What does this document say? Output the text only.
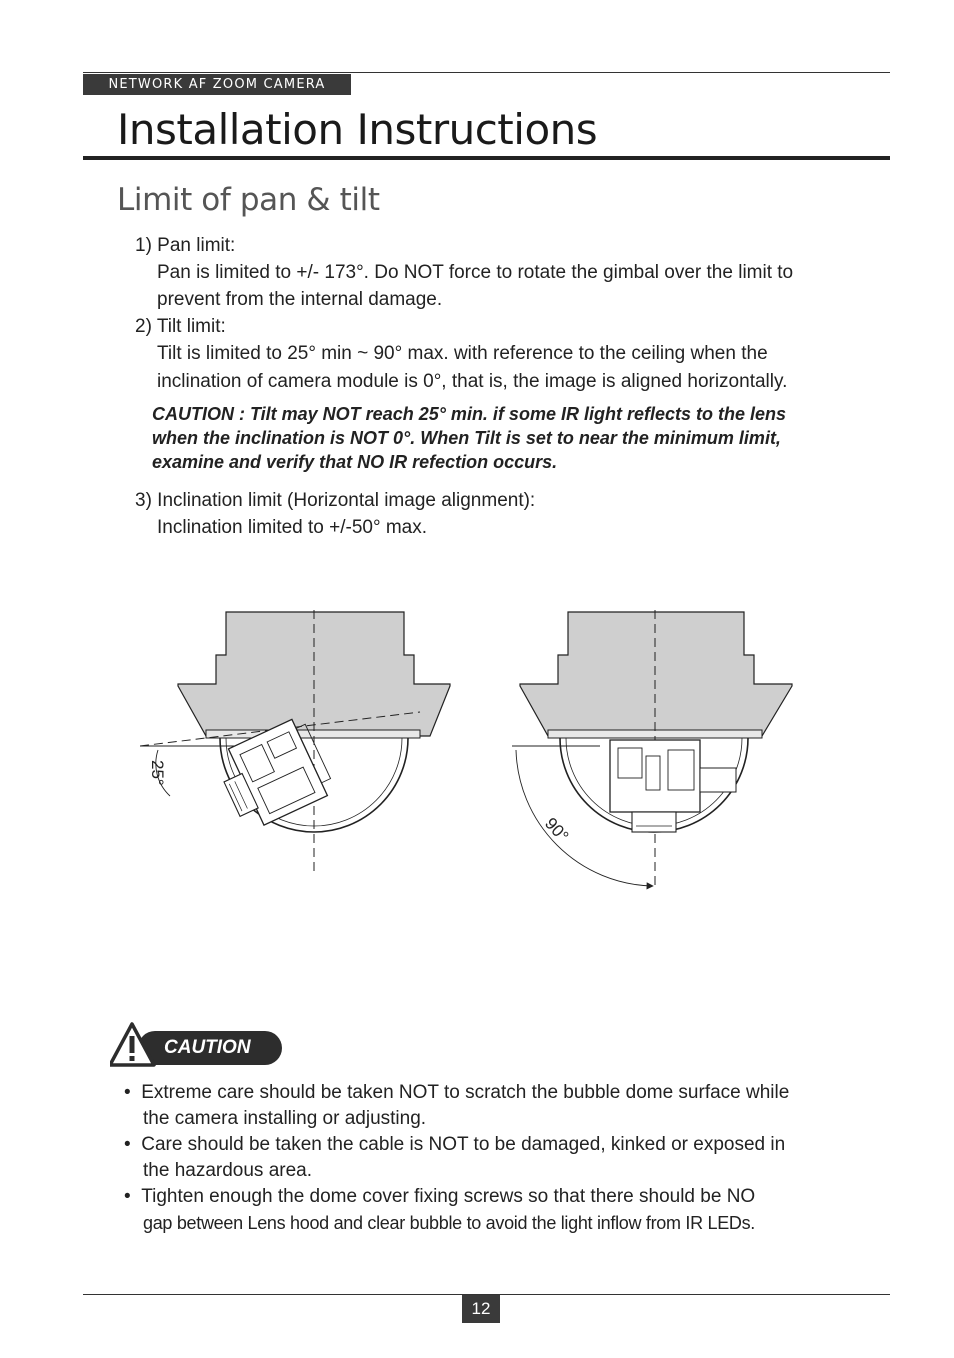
NETWORK AF ZOOM CAMERA
Installation Instructions
Limit of pan & tilt
1) Pan limit:
Pan is limited to +/- 173°. Do NOT force to rotate the gimbal over the limit to
prevent from the internal damage.
2) Tilt limit:
Tilt is limited to 25° min ~ 90° max. with reference to the ceiling when the
inclination of camera module is 0°, that is, the image is aligned horizontally.
CAUTION : Tilt may NOT reach 25° min. if some IR light reflects to the lens
when the inclination is NOT 0°. When Tilt is set to near the minimum limit,
examine and verify that NO IR refection occurs.
3) Inclination limit (Horizontal image alignment):
Inclination limited to +/-50° max.
25°
90°
CAUTION
•  Extreme care should be taken NOT to scratch the bubble dome surface while
the camera installing or adjusting.
•  Care should be taken the cable is NOT to be damaged, kinked or exposed in
the hazardous area.
•  Tighten enough the dome cover fixing screws so that there should be NO
gap between Lens hood and clear bubble to avoid the light inflow from IR LEDs.
12
